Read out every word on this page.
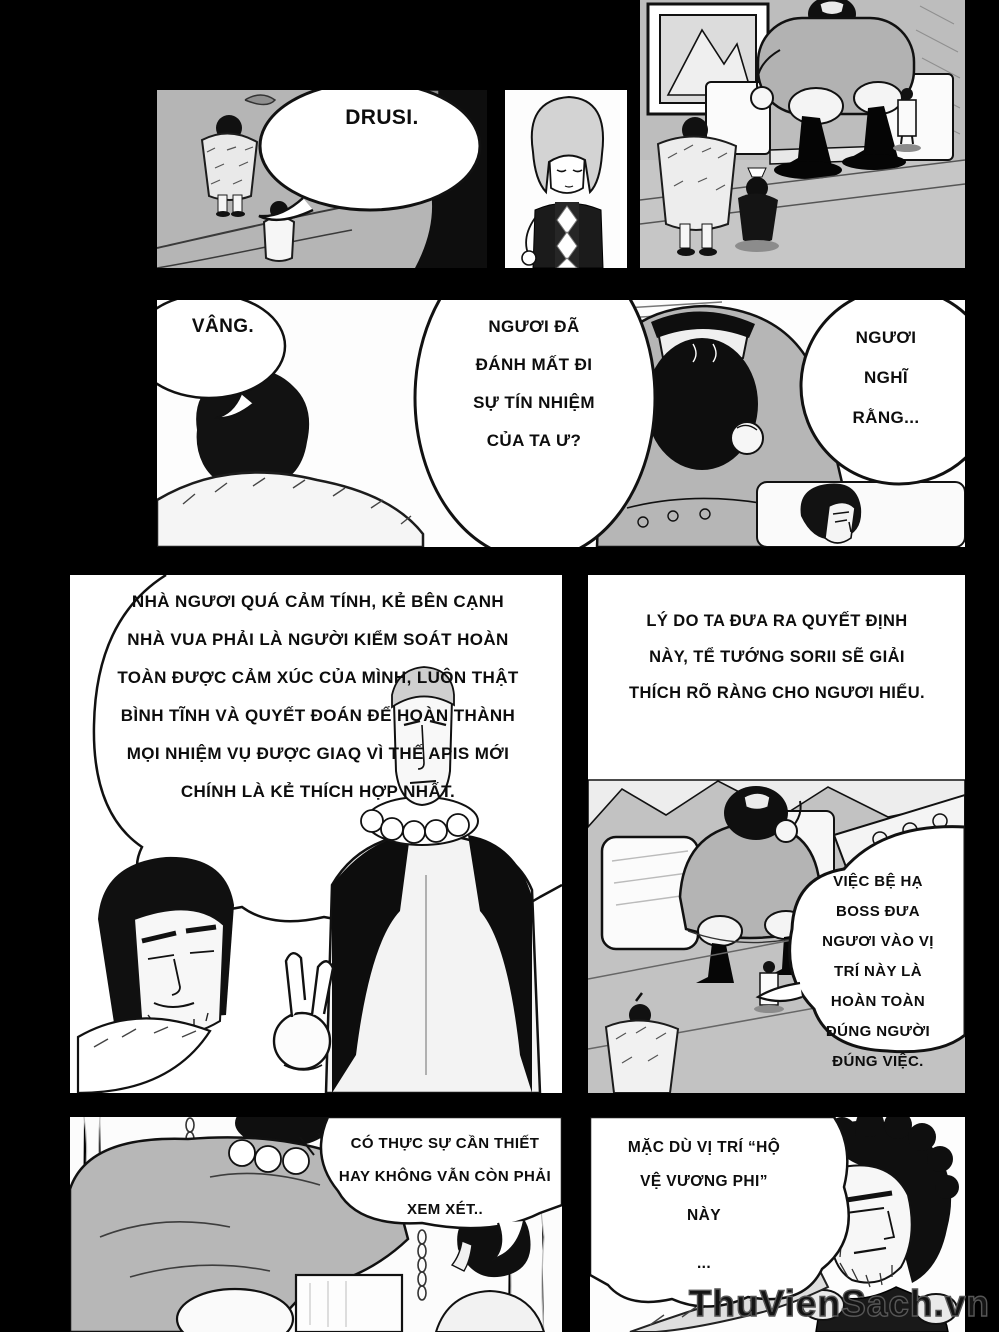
DRUSI.
VÂNG.	NGƯƠI ĐÃ
ĐÁNH MẤT ĐI
SỰ TÍN NHIỆM
CỦA TA Ư?
NGƯƠI
NGHĨ
RẰNG...
NHÀ NGƯƠI QUÁ CẢM TÍNH, KẺ BÊN CẠNH
NHÀ VUA PHẢI LÀ NGƯỜI KIỂM SOÁT HOÀN
TOÀN ĐƯỢC CẢM XÚC CỦA MÌNH, LUÔN THẬT
BÌNH TĨNH VÀ QUYẾT ĐOÁN ĐỂ HOÀN THÀNH
MỌI NHIỆM VỤ ĐƯỢC GIAQ VÌ THẾ APIS MỚI
CHÍNH LÀ KẺ THÍCH HỢP NHẤT.
LÝ DO TA ĐƯA RA QUYẾT ĐỊNH
NÀY, TỂ TƯỚNG SORII SẼ GIẢI
THÍCH RÕ RÀNG CHO NGƯƠI HIỂU.
VIỆC BỆ HẠ
BOSS ĐƯA
NGƯƠI VÀO VỊ
TRÍ NÀY LÀ
HOÀN TOÀN
ĐÚNG NGƯỜI
ĐÚNG VIỆC.
CÓ THỰC SỰ CẦN THIẾT
HAY KHÔNG VẪN CÒN PHẢI
XEM XÉT..
MẶC DÙ VỊ TRÍ “HỘ
VỆ VƯƠNG PHI”
NÀY
...
ThuVienSach.vn
